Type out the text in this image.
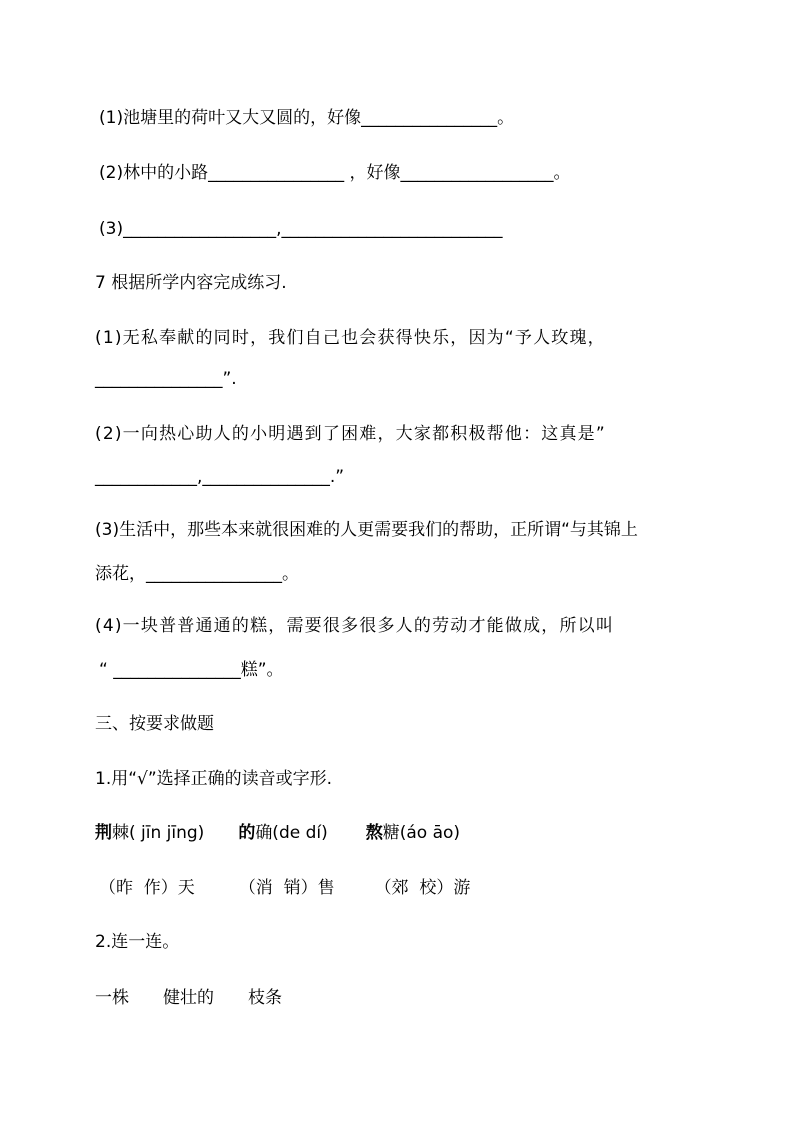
(1)池塘里的荷叶又大又圆的，好像________________。
(2)林中的小路________________ ，好像__________________。
(3)__________________,__________________________
7 根据所学内容完成练习.
(1)无私奉献的同时，我们自己也会获得快乐，因为“予人玫瑰，
_______________”.
(2)一向热心助人的小明遇到了困难，大家都积极帮他：这真是”
____________,_______________.”
(3)生活中，那些本来就很困难的人更需要我们的帮助，正所谓“与其锦上
添花，________________。
(4)一块普普通通的糕，需要很多很多人的劳动才能做成，所以叫
“ _______________糕”。
三、按要求做题
1.用“√”选择正确的读音或字形.
荆棘( jīn jīng) 的确(de dí) 熬糖(áo āo)
（昨  作）天	（消  销）售 （郊  校）游
2.连一连。
一株 健壮的 枝条
